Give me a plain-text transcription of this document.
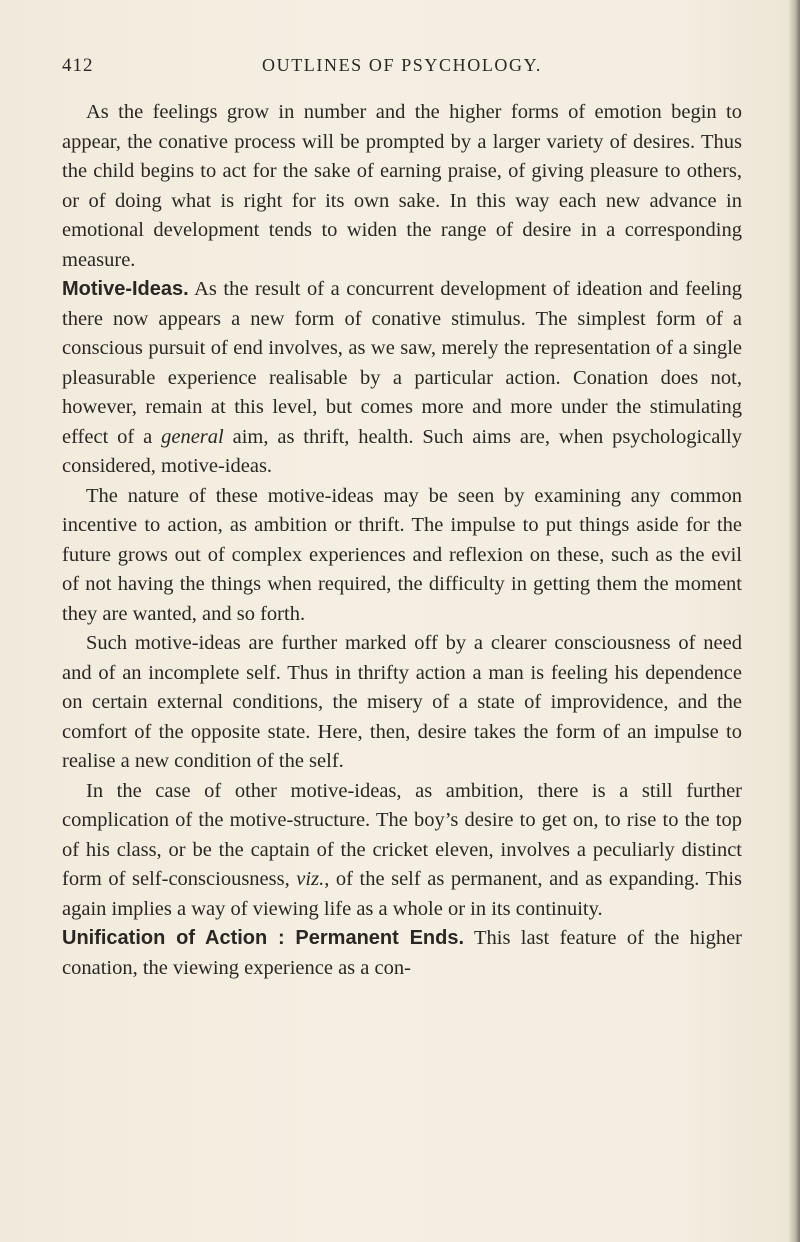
412	OUTLINES OF PSYCHOLOGY.

As the feelings grow in number and the higher forms of emotion begin to appear, the conative process will be prompted by a larger variety of desires. Thus the child begins to act for the sake of earning praise, of giving pleasure to others, or of doing what is right for its own sake. In this way each new advance in emotional development tends to widen the range of desire in a corresponding measure.

Motive-Ideas. As the result of a concurrent development of ideation and feeling there now appears a new form of conative stimulus. The simplest form of a conscious pursuit of end involves, as we saw, merely the representation of a single pleasurable experience realisable by a particular action. Conation does not, however, remain at this level, but comes more and more under the stimulating effect of a general aim, as thrift, health. Such aims are, when psychologically considered, motive-ideas.

The nature of these motive-ideas may be seen by examining any common incentive to action, as ambition or thrift. The impulse to put things aside for the future grows out of complex experiences and reflexion on these, such as the evil of not having the things when required, the difficulty in getting them the moment they are wanted, and so forth.

Such motive-ideas are further marked off by a clearer consciousness of need and of an incomplete self. Thus in thrifty action a man is feeling his dependence on certain external conditions, the misery of a state of improvidence, and the comfort of the opposite state. Here, then, desire takes the form of an impulse to realise a new condition of the self.

In the case of other motive-ideas, as ambition, there is a still further complication of the motive-structure. The boy’s desire to get on, to rise to the top of his class, or be the captain of the cricket eleven, involves a peculiarly distinct form of self-consciousness, viz., of the self as permanent, and as expanding. This again implies a way of viewing life as a whole or in its continuity.

Unification of Action : Permanent Ends. This last feature of the higher conation, the viewing experience as a con-
